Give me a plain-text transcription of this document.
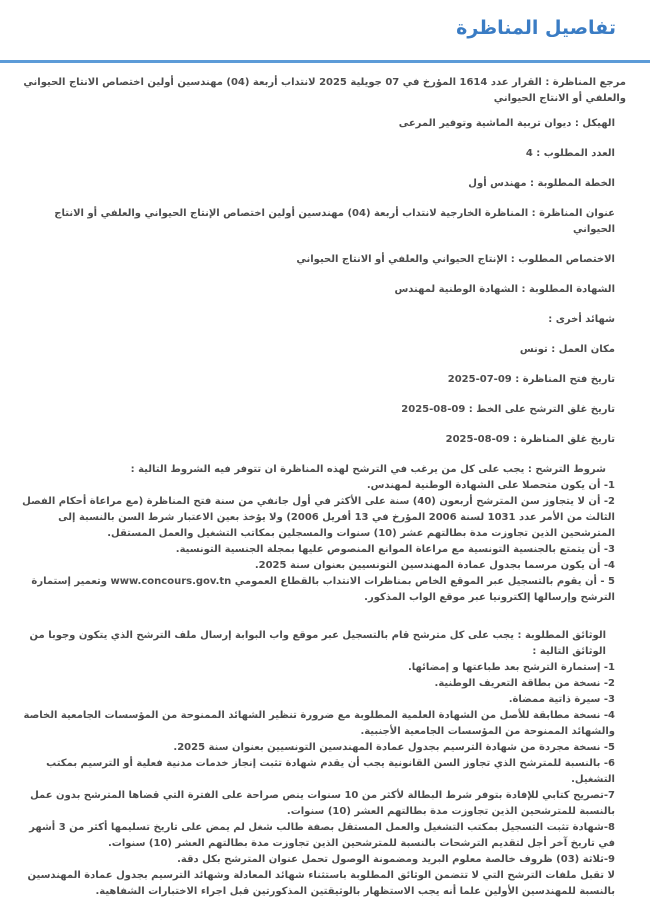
تفاصيل المناظرة

مرجع المناظرة : القرار عدد 1614 المؤرخ في 07 جويلية 2025 لانتداب أربعة (04) مهندسين أولين اختصاص الانتاج الحيواني والعلفي أو الانتاج الحيواني

الهيكل : ديوان تربية الماشية وتوفير المرعى

العدد المطلوب : 4

الخطة المطلوبة : مهندس أول

عنوان المناظرة : المناظرة الخارجية لانتداب أربعة (04) مهندسين أولين اختصاص الإنتاج الحيواني والعلفي أو الانتاج الحيواني

الاختصاص المطلوب : الإنتاج الحيواني والعلفي أو الانتاج الحيواني

الشهادة المطلوبة : الشهادة الوطنية لمهندس

شهائد أخرى :

مكان العمل : تونس

تاريخ فتح المناظرة : 09-07-2025

تاريخ غلق الترشح على الخط : 09-08-2025

تاريخ غلق المناظرة : 09-08-2025

شروط الترشح : يجب على كل من يرغب في الترشح لهذه المناظرة ان تتوفر فيه الشروط التالية :
1- أن يكون متحصلا على الشهادة الوطنية لمهندس.
2- أن لا يتجاوز سن المترشح أربعون (40) سنة على الأكثر في أول جانفي من سنة فتح المناظرة (مع مراعاة أحكام الفصل الثالث من الأمر عدد 1031 لسنة 2006 المؤرخ في 13 أفريل 2006) ولا يؤخذ بعين الاعتبار شرط السن بالنسبة إلى المترشحين الذين تجاوزت مدة بطالتهم عشر (10) سنوات والمسجلين بمكاتب التشغيل والعمل المستقل.
3- أن يتمتع بالجنسية التونسية مع مراعاة الموانع المنصوص عليها بمجلة الجنسية التونسية.
4- أن يكون مرسما بجدول عمادة المهندسين التونسيين بعنوان سنة 2025.
5 - أن يقوم بالتسجيل عبر الموقع الخاص بمناظرات الانتداب بالقطاع العمومي www.concours.gov.tn وتعمير إستمارة الترشح وإرسالها إلكترونيا عبر موقع الواب المذكور.
الوثائق المطلوبة : يجب على كل مترشح قام بالتسجيل عبر موقع واب البوابة إرسال ملف الترشح الذي يتكون وجوبا من الوثائق التالية :
1- إستمارة الترشح بعد طباعتها و إمضائها.
2- نسخة من بطاقة التعريف الوطنية.
3- سيرة ذاتية ممضاة.
4- نسخة مطابقة للأصل من الشهادة العلمية المطلوبة مع ضرورة تنظير الشهائد الممنوحة من المؤسسات الجامعية الخاصة والشهائد الممنوحة من المؤسسات الجامعية الأجنبية.
5- نسخة مجردة من شهادة الترسيم بجدول عمادة المهندسين التونسيين بعنوان سنة 2025.
6- بالنسبة للمترشح الذي تجاوز السن القانونية يجب أن يقدم شهادة تثبت إنجاز خدمات مدنية فعلية أو الترسيم بمكتب التشغيل.
7-تصريح كتابي للإفادة بتوفر شرط البطالة لأكثر من 10 سنوات ينص صراحة على الفترة التي قضاها المترشح بدون عمل بالنسبة للمترشحين الذين تجاوزت مدة بطالتهم العشر (10) سنوات.
8-شهادة تثبت التسجيل بمكتب التشغيل والعمل المستقل بصفة طالب شغل لم يمض على تاريخ تسليمها أكثر من 3 أشهر في تاريخ آخر أجل لتقديم الترشحات بالنسبة للمترشحين الذين تجاوزت مدة بطالتهم العشر (10) سنوات.
9-ثلاثة (03) ظروف خالصة معلوم البريد ومضمونة الوصول تحمل عنوان المترشح بكل دقة.
لا تقبل ملفات الترشح التي لا تتضمن الوثائق المطلوبة باستثناء شهائد المعادلة وشهائد الترسيم بجدول عمادة المهندسين بالنسبة للمهندسين الأولين علما أنه يجب الاستظهار بالوثيقتين المذكورتين قبل اجراء الاختبارات الشفاهية.
